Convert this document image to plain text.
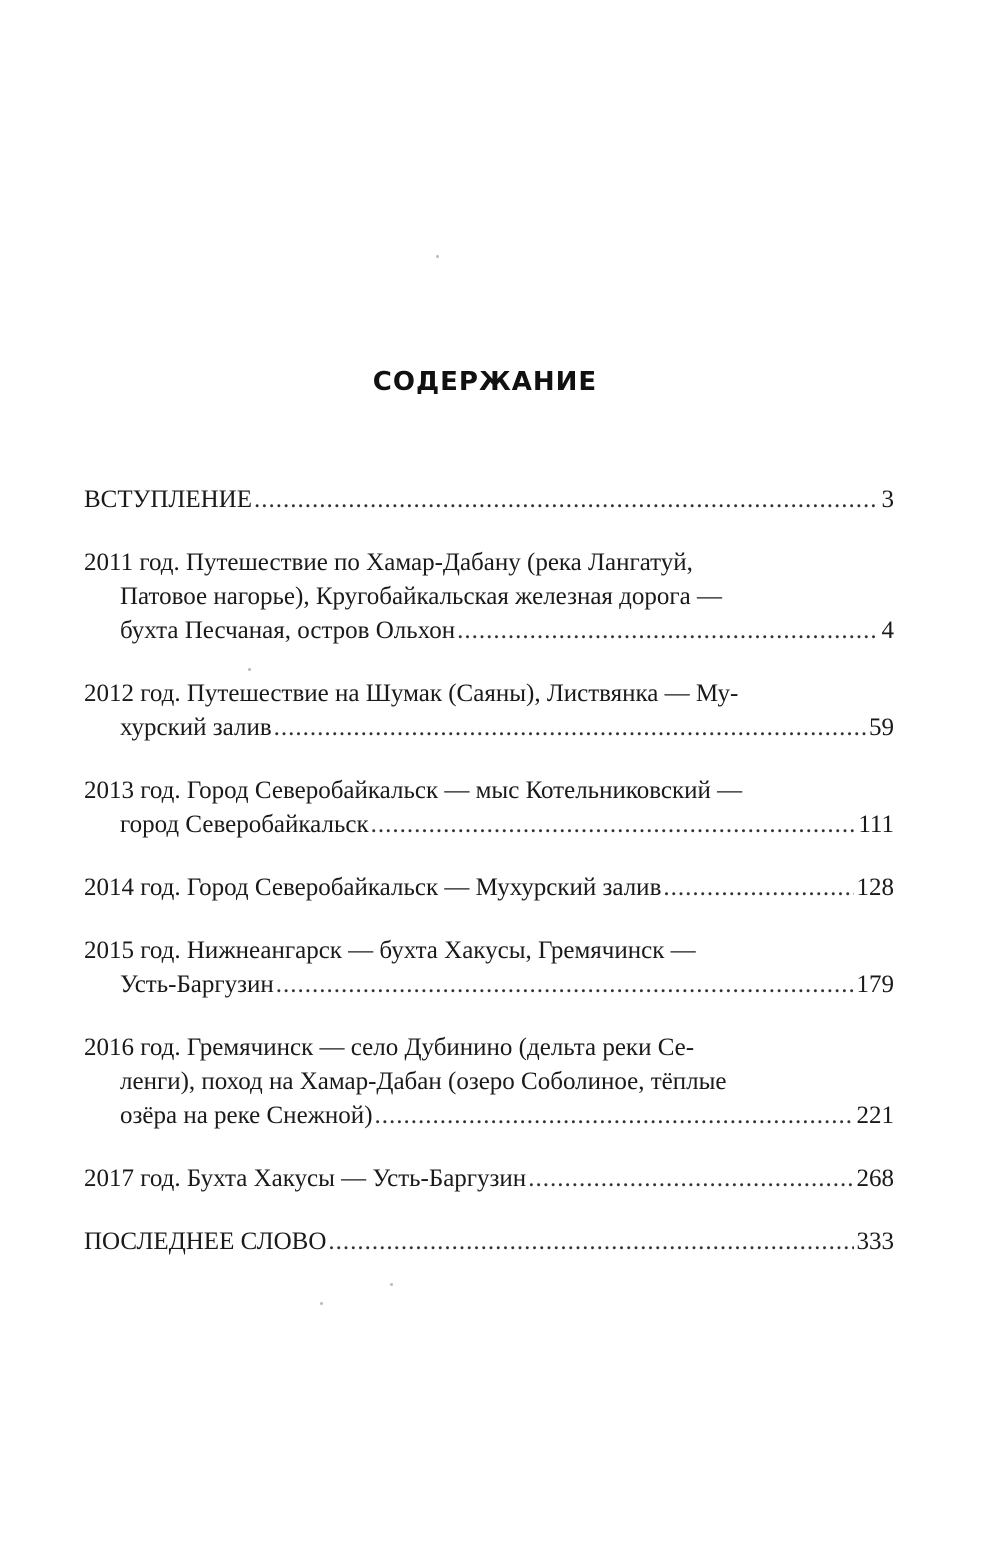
СОДЕРЖАНИЕ
ВСТУПЛЕНИЕ .....	3
2011 год. Путешествие по Хамар-Дабану (река Лангатуй,
Патовое нагорье), Кругобайкальская железная дорога —
бухта Песчаная, остров Ольхон .....	4
2012 год. Путешествие на Шумак (Саяны), Листвянка — Му-
хурский залив .....	59
2013 год. Город Северобайкальск — мыс Котельниковский —
город Северобайкальск .....	111
2014 год. Город Северобайкальск — Мухурский залив .....	128
2015 год. Нижнеангарск — бухта Хакусы, Гремячинск —
Усть-Баргузин .....	179
2016 год. Гремячинск — село Дубинино (дельта реки Се-
ленги), поход на Хамар-Дабан (озеро Соболиное, тёплые
озёра на реке Снежной) .....	221
2017 год. Бухта Хакусы — Усть-Баргузин .....	268
ПОСЛЕДНЕЕ СЛОВО .....	333
